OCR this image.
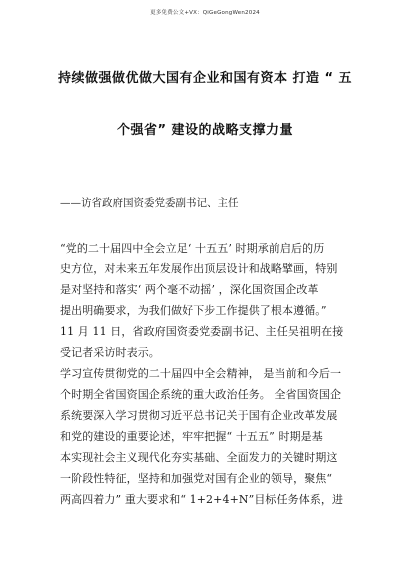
更多免费公文+VX：QiGeGongWen2024
持续做强做优做大国有企业和国有资本 打造 “ 五
个强省” 建设的战略支撑力量
——访省政府国资委党委副书记、主任
“党的二十届四中全会立足‘ 十五五’ 时期承前启后的历
史方位，对未来五年发展作出顶层设计和战略擘画，特别
是对坚持和落实‘ 两个毫不动摇’ ，深化国资国企改革
提出明确要求，为我们做好下步工作提供了根本遵循。”
11 月 11 日，省政府国资委党委副书记、主任吴祖明在接
受记者采访时表示。
学习宣传贯彻党的二十届四中全会精神， 是当前和今后一
个时期全省国资国企系统的重大政治任务。 全省国资国企
系统要深入学习贯彻习近平总书记关于国有企业改革发展
和党的建设的重要论述，牢牢把握“ 十五五” 时期是基
本实现社会主义现代化夯实基础、全面发力的关键时期这
一阶段性特征，坚持和加强党对国有企业的领导，聚焦“
两高四着力” 重大要求和“ 1+2+4+N”目标任务体系，进
